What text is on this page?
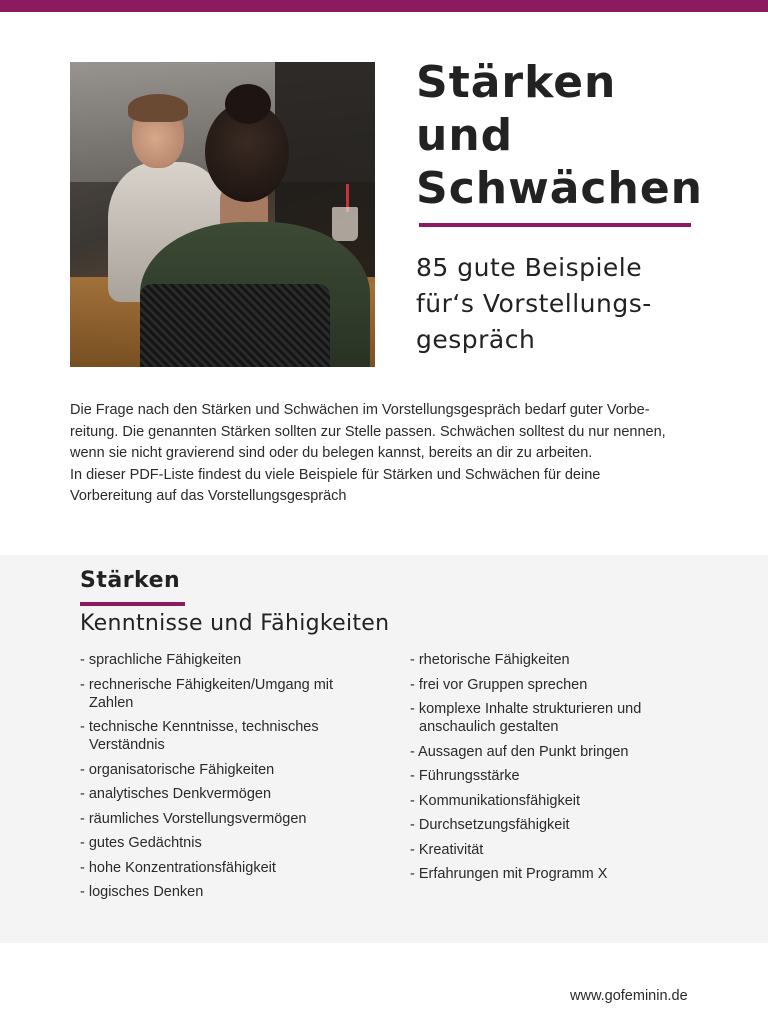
Stärken
und
Schwächen
85 gute Beispiele
für‘s Vorstellungs-
gespräch

Die Frage nach den Stärken und Schwächen im Vorstellungsgespräch bedarf guter Vorbe-
reitung. Die genannten Stärken sollten zur Stelle passen. Schwächen solltest du nur nennen,
wenn sie nicht gravierend sind oder du belegen kannst, bereits an dir zu arbeiten.
In dieser PDF-Liste findest du viele Beispiele für Stärken und Schwächen für deine
Vorbereitung auf das Vorstellungsgespräch

Stärken
Kenntnisse und Fähigkeiten
- sprachliche Fähigkeiten
- rechnerische Fähigkeiten/Umgang mit Zahlen
- technische Kenntnisse, technisches Verständnis
- organisatorische Fähigkeiten
- analytisches Denkvermögen
- räumliches Vorstellungsvermögen
- gutes Gedächtnis
- hohe Konzentrationsfähigkeit
- logisches Denken
- rhetorische Fähigkeiten
- frei vor Gruppen sprechen
- komplexe Inhalte strukturieren und anschaulich gestalten
- Aussagen auf den Punkt bringen
- Führungsstärke
- Kommunikationsfähigkeit
- Durchsetzungsfähigkeit
- Kreativität
- Erfahrungen mit Programm X
www.gofeminin.de
